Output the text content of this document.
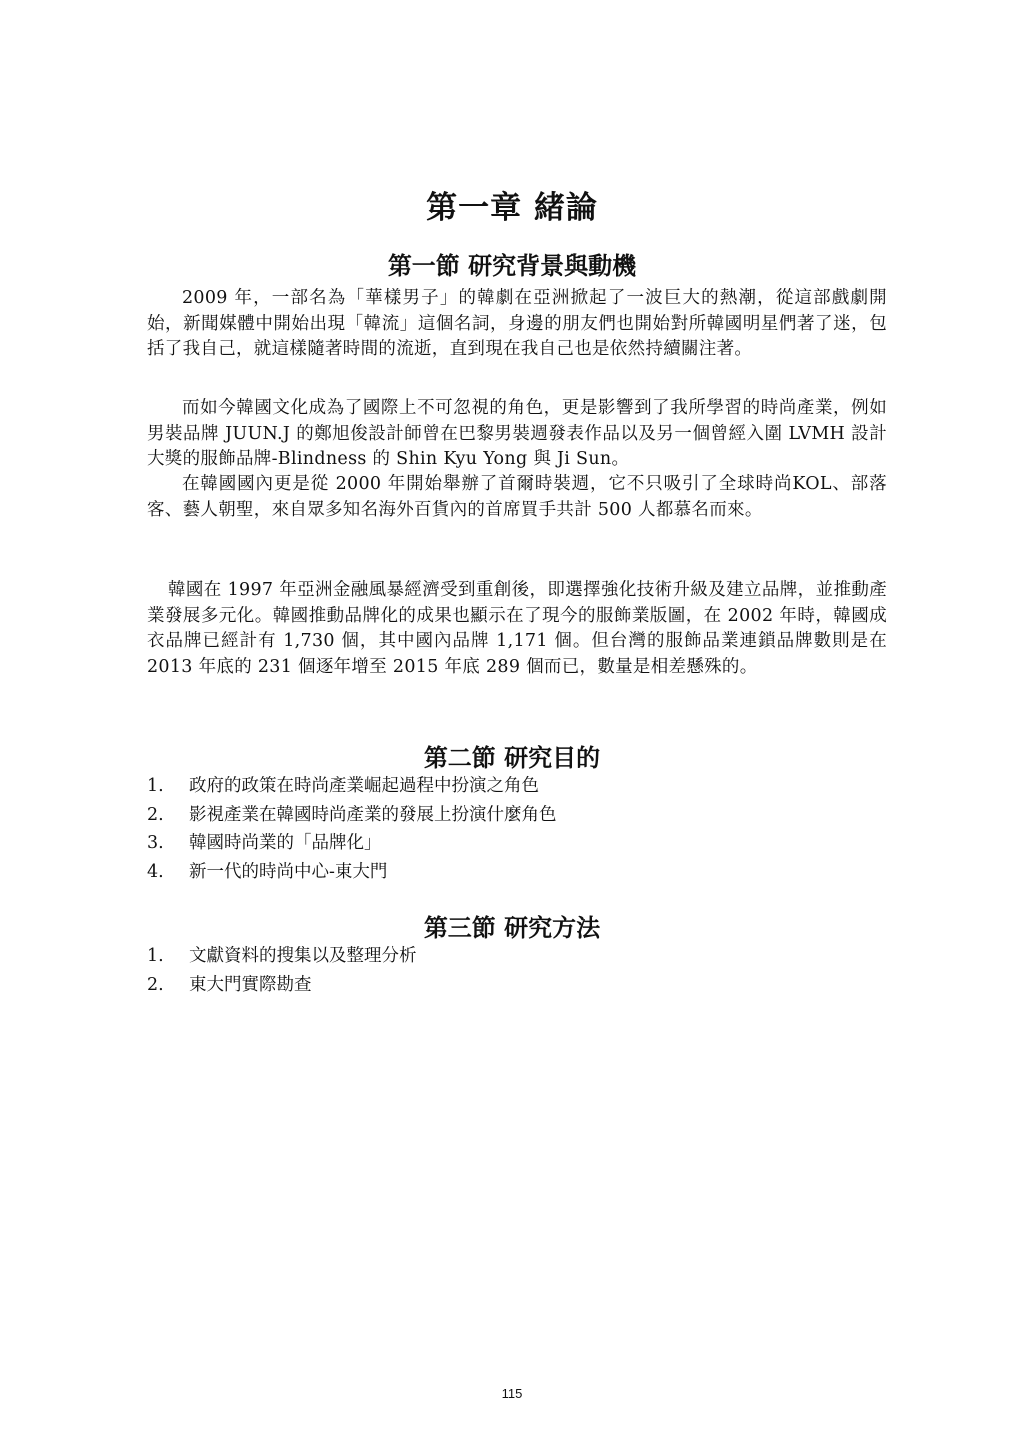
第一章 緒論
第一節 研究背景與動機

2009 年，一部名為「華樣男子」的韓劇在亞洲掀起了一波巨大的熱潮，從這部戲劇開始，新聞媒體中開始出現「韓流」這個名詞，身邊的朋友們也開始對所韓國明星們著了迷，包括了我自己，就這樣隨著時間的流逝，直到現在我自己也是依然持續關注著。

而如今韓國文化成為了國際上不可忽視的角色，更是影響到了我所學習的時尚產業，例如男裝品牌 JUUN.J 的鄭旭俊設計師曾在巴黎男裝週發表作品以及另一個曾經入圍 LVMH 設計大獎的服飾品牌-Blindness 的 Shin Kyu Yong 與 Ji Sun。

在韓國國內更是從 2000 年開始舉辦了首爾時裝週，它不只吸引了全球時尚KOL、部落客、藝人朝聖，來自眾多知名海外百貨內的首席買手共計 500 人都慕名而來。

韓國在 1997 年亞洲金融風暴經濟受到重創後，即選擇強化技術升級及建立品牌，並推動產業發展多元化。韓國推動品牌化的成果也顯示在了現今的服飾業版圖，在 2002 年時，韓國成衣品牌已經計有 1,730 個，其中國內品牌 1,171 個。但台灣的服飾品業連鎖品牌數則是在 2013 年底的 231 個逐年增至 2015 年底 289 個而已，數量是相差懸殊的。

第二節 研究目的
1.	政府的政策在時尚產業崛起過程中扮演之角色
2.	影視產業在韓國時尚產業的發展上扮演什麼角色
3.	韓國時尚業的「品牌化」
4.	新一代的時尚中心-東大門
第三節 研究方法
1.	文獻資料的搜集以及整理分析
2.	東大門實際勘查
115
